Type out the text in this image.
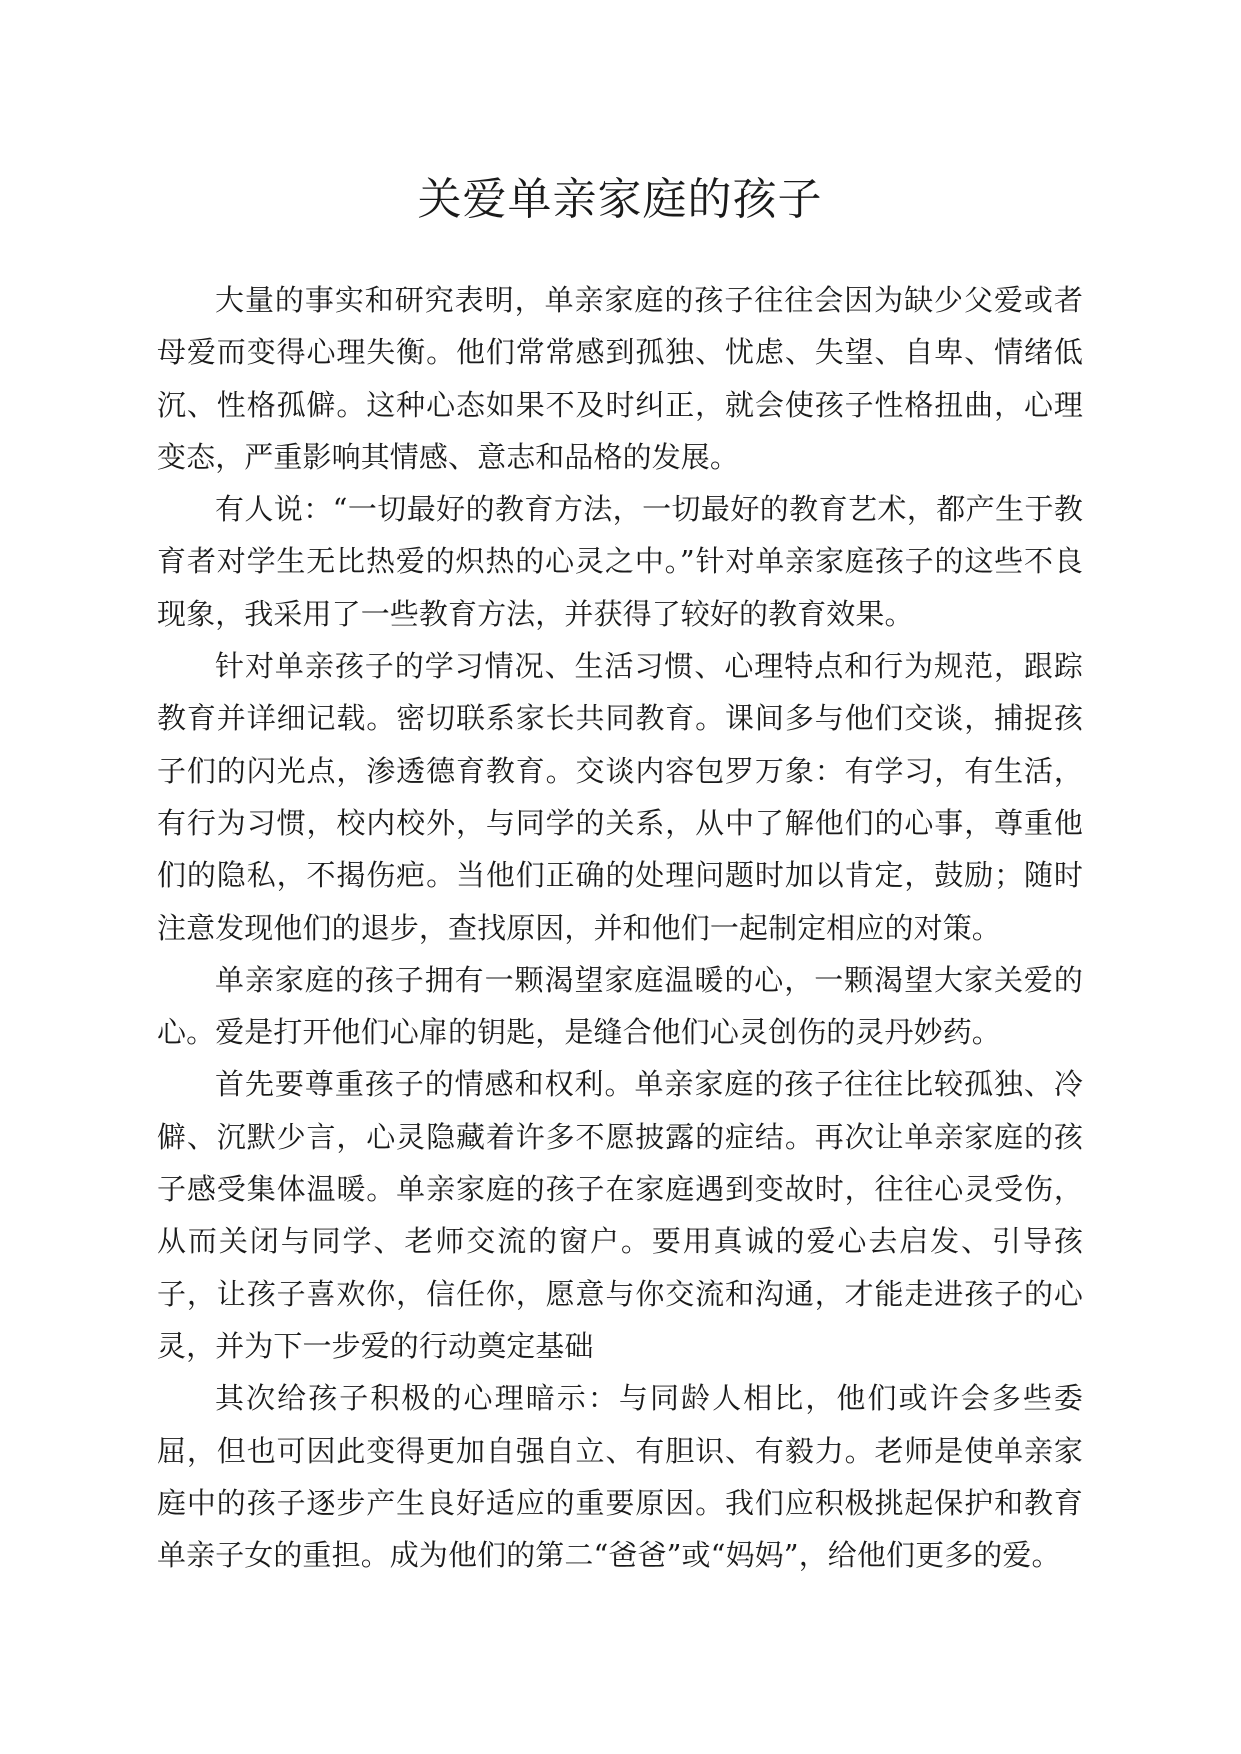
关爱单亲家庭的孩子

大量的事实和研究表明，单亲家庭的孩子往往会因为缺少父爱或者母爱而变得心理失衡。他们常常感到孤独、忧虑、失望、自卑、情绪低沉、性格孤僻。这种心态如果不及时纠正，就会使孩子性格扭曲，心理变态，严重影响其情感、意志和品格的发展。

有人说：“一切最好的教育方法，一切最好的教育艺术，都产生于教育者对学生无比热爱的炽热的心灵之中。”针对单亲家庭孩子的这些不良现象，我采用了一些教育方法，并获得了较好的教育效果。

针对单亲孩子的学习情况、生活习惯、心理特点和行为规范，跟踪教育并详细记载。密切联系家长共同教育。课间多与他们交谈，捕捉孩子们的闪光点，渗透德育教育。交谈内容包罗万象：有学习，有生活，有行为习惯，校内校外，与同学的关系，从中了解他们的心事，尊重他们的隐私，不揭伤疤。当他们正确的处理问题时加以肯定，鼓励；随时注意发现他们的退步，查找原因，并和他们一起制定相应的对策。

单亲家庭的孩子拥有一颗渴望家庭温暖的心，一颗渴望大家关爱的心。爱是打开他们心扉的钥匙，是缝合他们心灵创伤的灵丹妙药。

首先要尊重孩子的情感和权利。单亲家庭的孩子往往比较孤独、冷僻、沉默少言，心灵隐藏着许多不愿披露的症结。再次让单亲家庭的孩子感受集体温暖。单亲家庭的孩子在家庭遇到变故时，往往心灵受伤，从而关闭与同学、老师交流的窗户。要用真诚的爱心去启发、引导孩子，让孩子喜欢你，信任你，愿意与你交流和沟通，才能走进孩子的心灵，并为下一步爱的行动奠定基础

其次给孩子积极的心理暗示：与同龄人相比，他们或许会多些委屈，但也可因此变得更加自强自立、有胆识、有毅力。老师是使单亲家庭中的孩子逐步产生良好适应的重要原因。我们应积极挑起保护和教育单亲子女的重担。成为他们的第二“爸爸”或“妈妈”，给他们更多的爱。
